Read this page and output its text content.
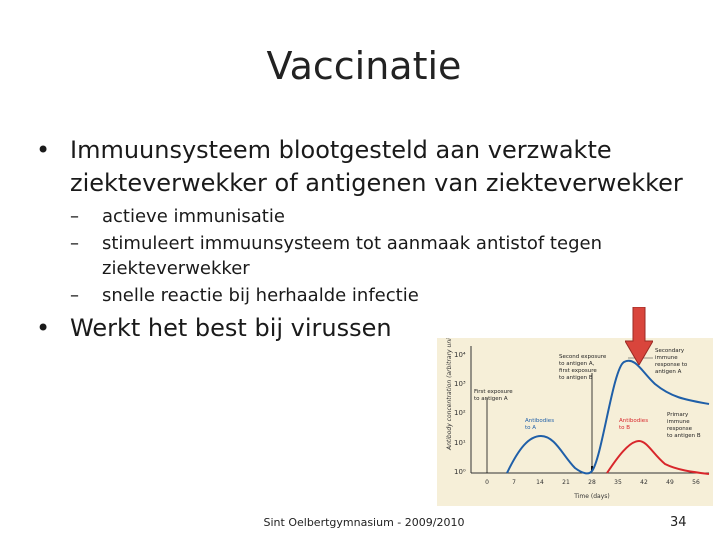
Vaccinatie
• Immuunsysteem blootgesteld aan verzwakte ziekteverwekker of antigenen van ziekteverwekker
– actieve immunisatie
– stimuleert immuunsysteem tot aanmaak antistof tegen ziekteverwekker
– snelle reactie bij herhaalde infectie
• Werkt het best bij virussen
Antibody concentration (arbitrary units) 10⁴
10³
10²
10¹
10⁰
0	7	14	21	28	35	42	49	56
Time (days)
First exposure to antigen A
Second exposure to antigen A, first exposure to antigen B
Secondary immune response to antigen A
Primary immune response to antigen B
Antibodies to A
Antibodies to B
Sint Oelbertgymnasium - 2009/2010	34
